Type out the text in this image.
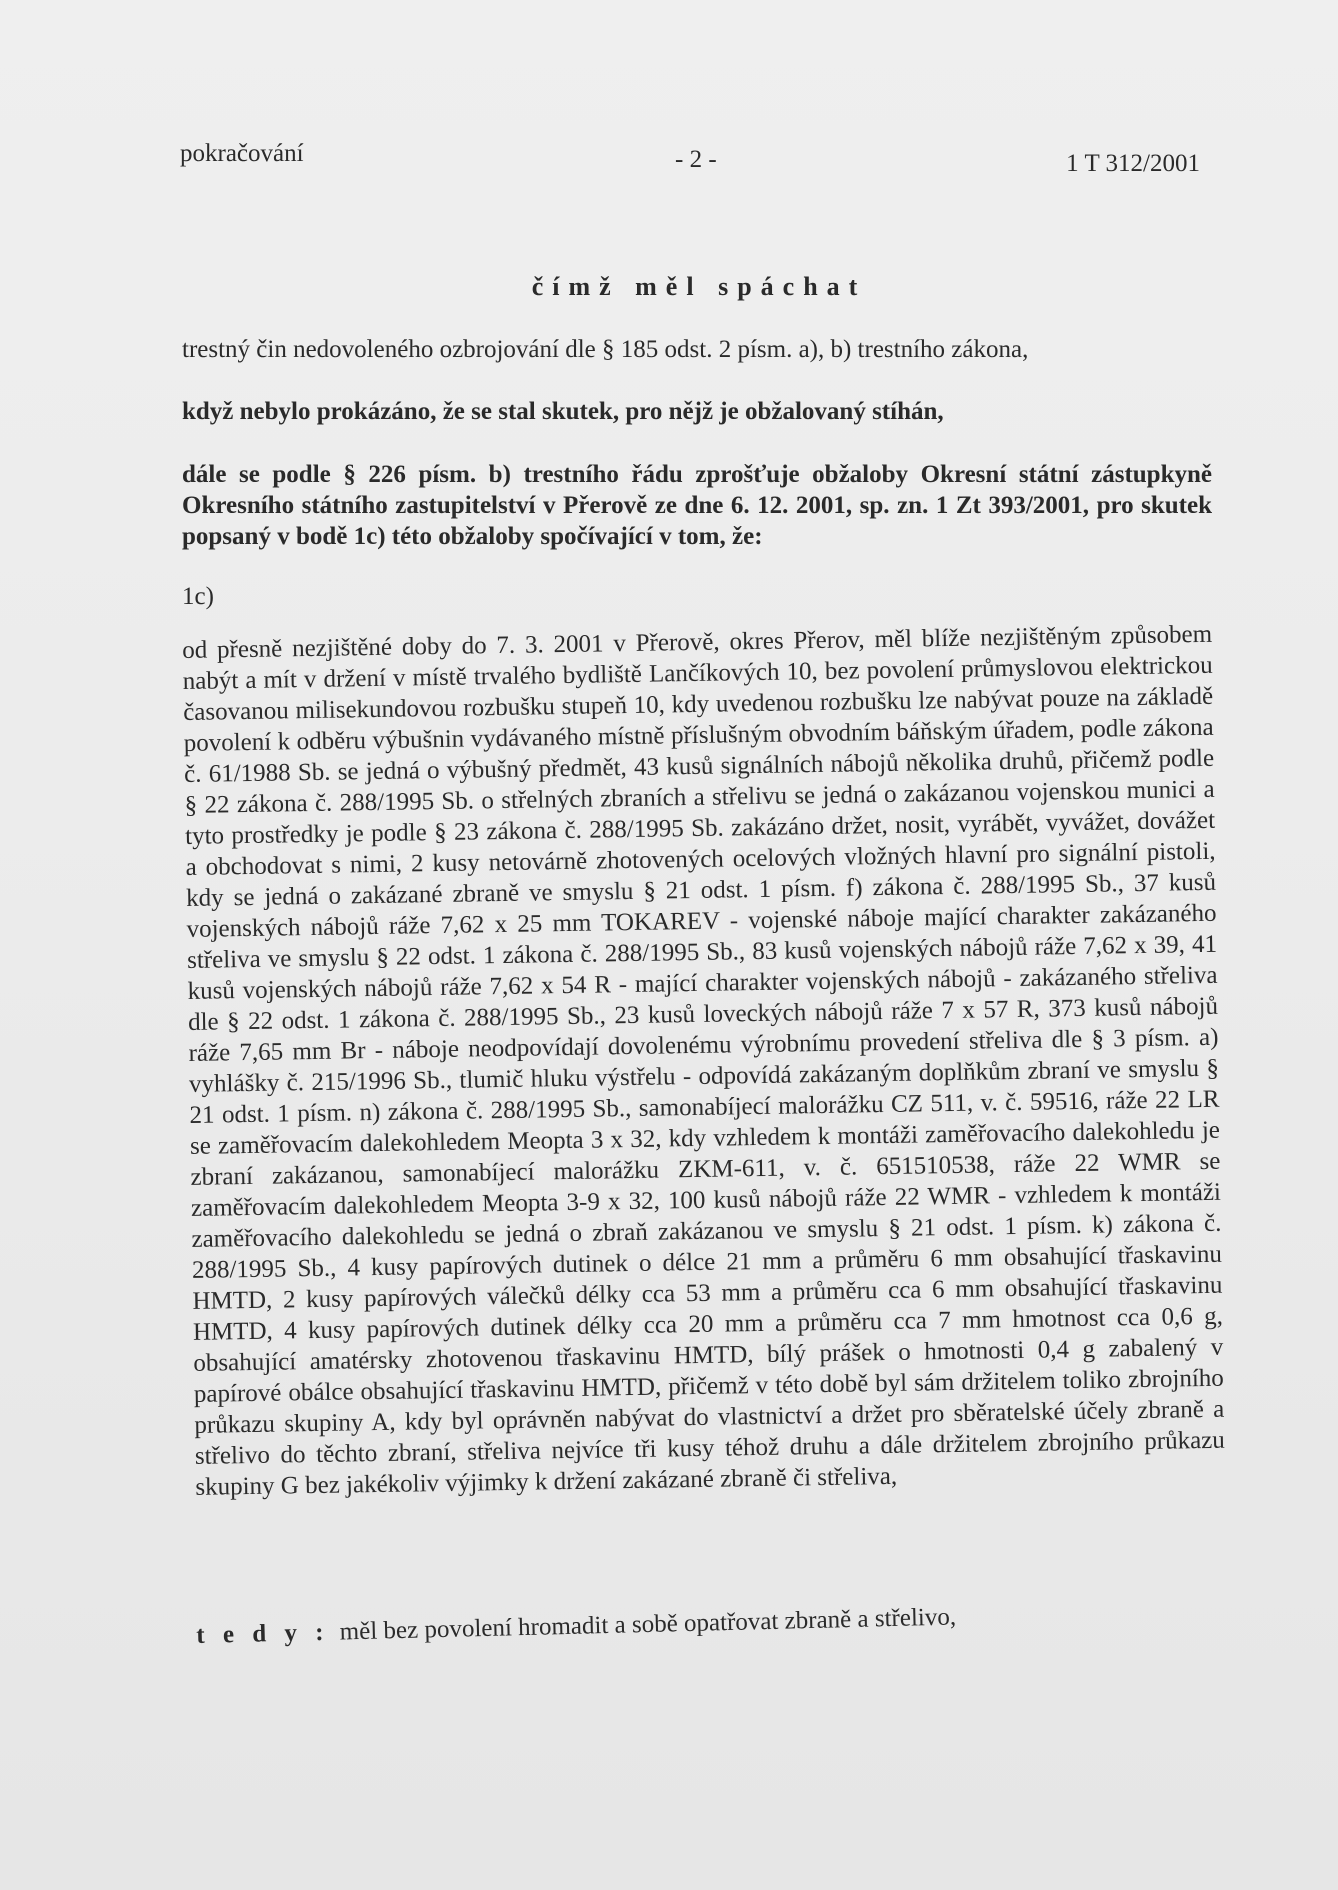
pokračování	- 2 -	1 T 312/2001
čímž měl spáchat
trestný čin nedovoleného ozbrojování dle § 185 odst. 2 písm. a), b) trestního zákona,
když nebylo prokázáno, že se stal skutek, pro nějž je obžalovaný stíhán,
dále se podle § 226 písm. b) trestního řádu zprošťuje obžaloby Okresní státní zástupkyně Okresního státního zastupitelství v Přerově ze dne 6. 12. 2001, sp. zn. 1 Zt 393/2001, pro skutek popsaný v bodě 1c) této obžaloby spočívající v tom, že:
1c)
od přesně nezjištěné doby do 7. 3. 2001 v Přerově, okres Přerov, měl blíže nezjištěným způsobem nabýt a mít v držení v místě trvalého bydliště Lančíkových 10, bez povolení průmyslovou elektrickou časovanou milisekundovou rozbušku stupeň 10, kdy uvedenou rozbušku lze nabývat pouze na základě povolení k odběru výbušnin vydávaného místně příslušným obvodním báňským úřadem, podle zákona č. 61/1988 Sb. se jedná o výbušný předmět, 43 kusů signálních nábojů několika druhů, přičemž podle § 22 zákona č. 288/1995 Sb. o střelných zbraních a střelivu se jedná o zakázanou vojenskou munici a tyto prostředky je podle § 23 zákona č. 288/1995 Sb. zakázáno držet, nosit, vyrábět, vyvážet, dovážet a obchodovat s nimi, 2 kusy netovárně zhotovených ocelových vložných hlavní pro signální pistoli, kdy se jedná o zakázané zbraně ve smyslu § 21 odst. 1 písm. f) zákona č. 288/1995 Sb., 37 kusů vojenských nábojů ráže 7,62 x 25 mm TOKAREV - vojenské náboje mající charakter zakázaného střeliva ve smyslu § 22 odst. 1 zákona č. 288/1995 Sb., 83 kusů vojenských nábojů ráže 7,62 x 39, 41 kusů vojenských nábojů ráže 7,62 x 54 R - mající charakter vojenských nábojů - zakázaného střeliva dle § 22 odst. 1 zákona č. 288/1995 Sb., 23 kusů loveckých nábojů ráže 7 x 57 R, 373 kusů nábojů ráže 7,65 mm Br - náboje neodpovídají dovolenému výrobnímu provedení střeliva dle § 3 písm. a) vyhlášky č. 215/1996 Sb., tlumič hluku výstřelu - odpovídá zakázaným doplňkům zbraní ve smyslu § 21 odst. 1 písm. n) zákona č. 288/1995 Sb., samonabíjecí malorážku CZ 511, v. č. 59516, ráže 22 LR se zaměřovacím dalekohledem Meopta 3 x 32, kdy vzhledem k montáži zaměřovacího dalekohledu je zbraní zakázanou, samonabíjecí malorážku ZKM-611, v. č. 651510538, ráže 22 WMR se zaměřovacím dalekohledem Meopta 3-9 x 32, 100 kusů nábojů ráže 22 WMR - vzhledem k montáži zaměřovacího dalekohledu se jedná o zbraň zakázanou ve smyslu § 21 odst. 1 písm. k) zákona č. 288/1995 Sb., 4 kusy papírových dutinek o délce 21 mm a průměru 6 mm obsahující třaskavinu HMTD, 2 kusy papírových válečků délky cca 53 mm a průměru cca 6 mm obsahující třaskavinu HMTD, 4 kusy papírových dutinek délky cca 20 mm a průměru cca 7 mm hmotnost cca 0,6 g, obsahující amatérsky zhotovenou třaskavinu HMTD, bílý prášek o hmotnosti 0,4 g zabalený v papírové obálce obsahující třaskavinu HMTD, přičemž v této době byl sám držitelem toliko zbrojního průkazu skupiny A, kdy byl oprávněn nabývat do vlastnictví a držet pro sběratelské účely zbraně a střelivo do těchto zbraní, střeliva nejvíce tři kusy téhož druhu a dále držitelem zbrojního průkazu skupiny G bez jakékoliv výjimky k držení zakázané zbraně či střeliva,
t e d y : měl bez povolení hromadit a sobě opatřovat zbraně a střelivo,
